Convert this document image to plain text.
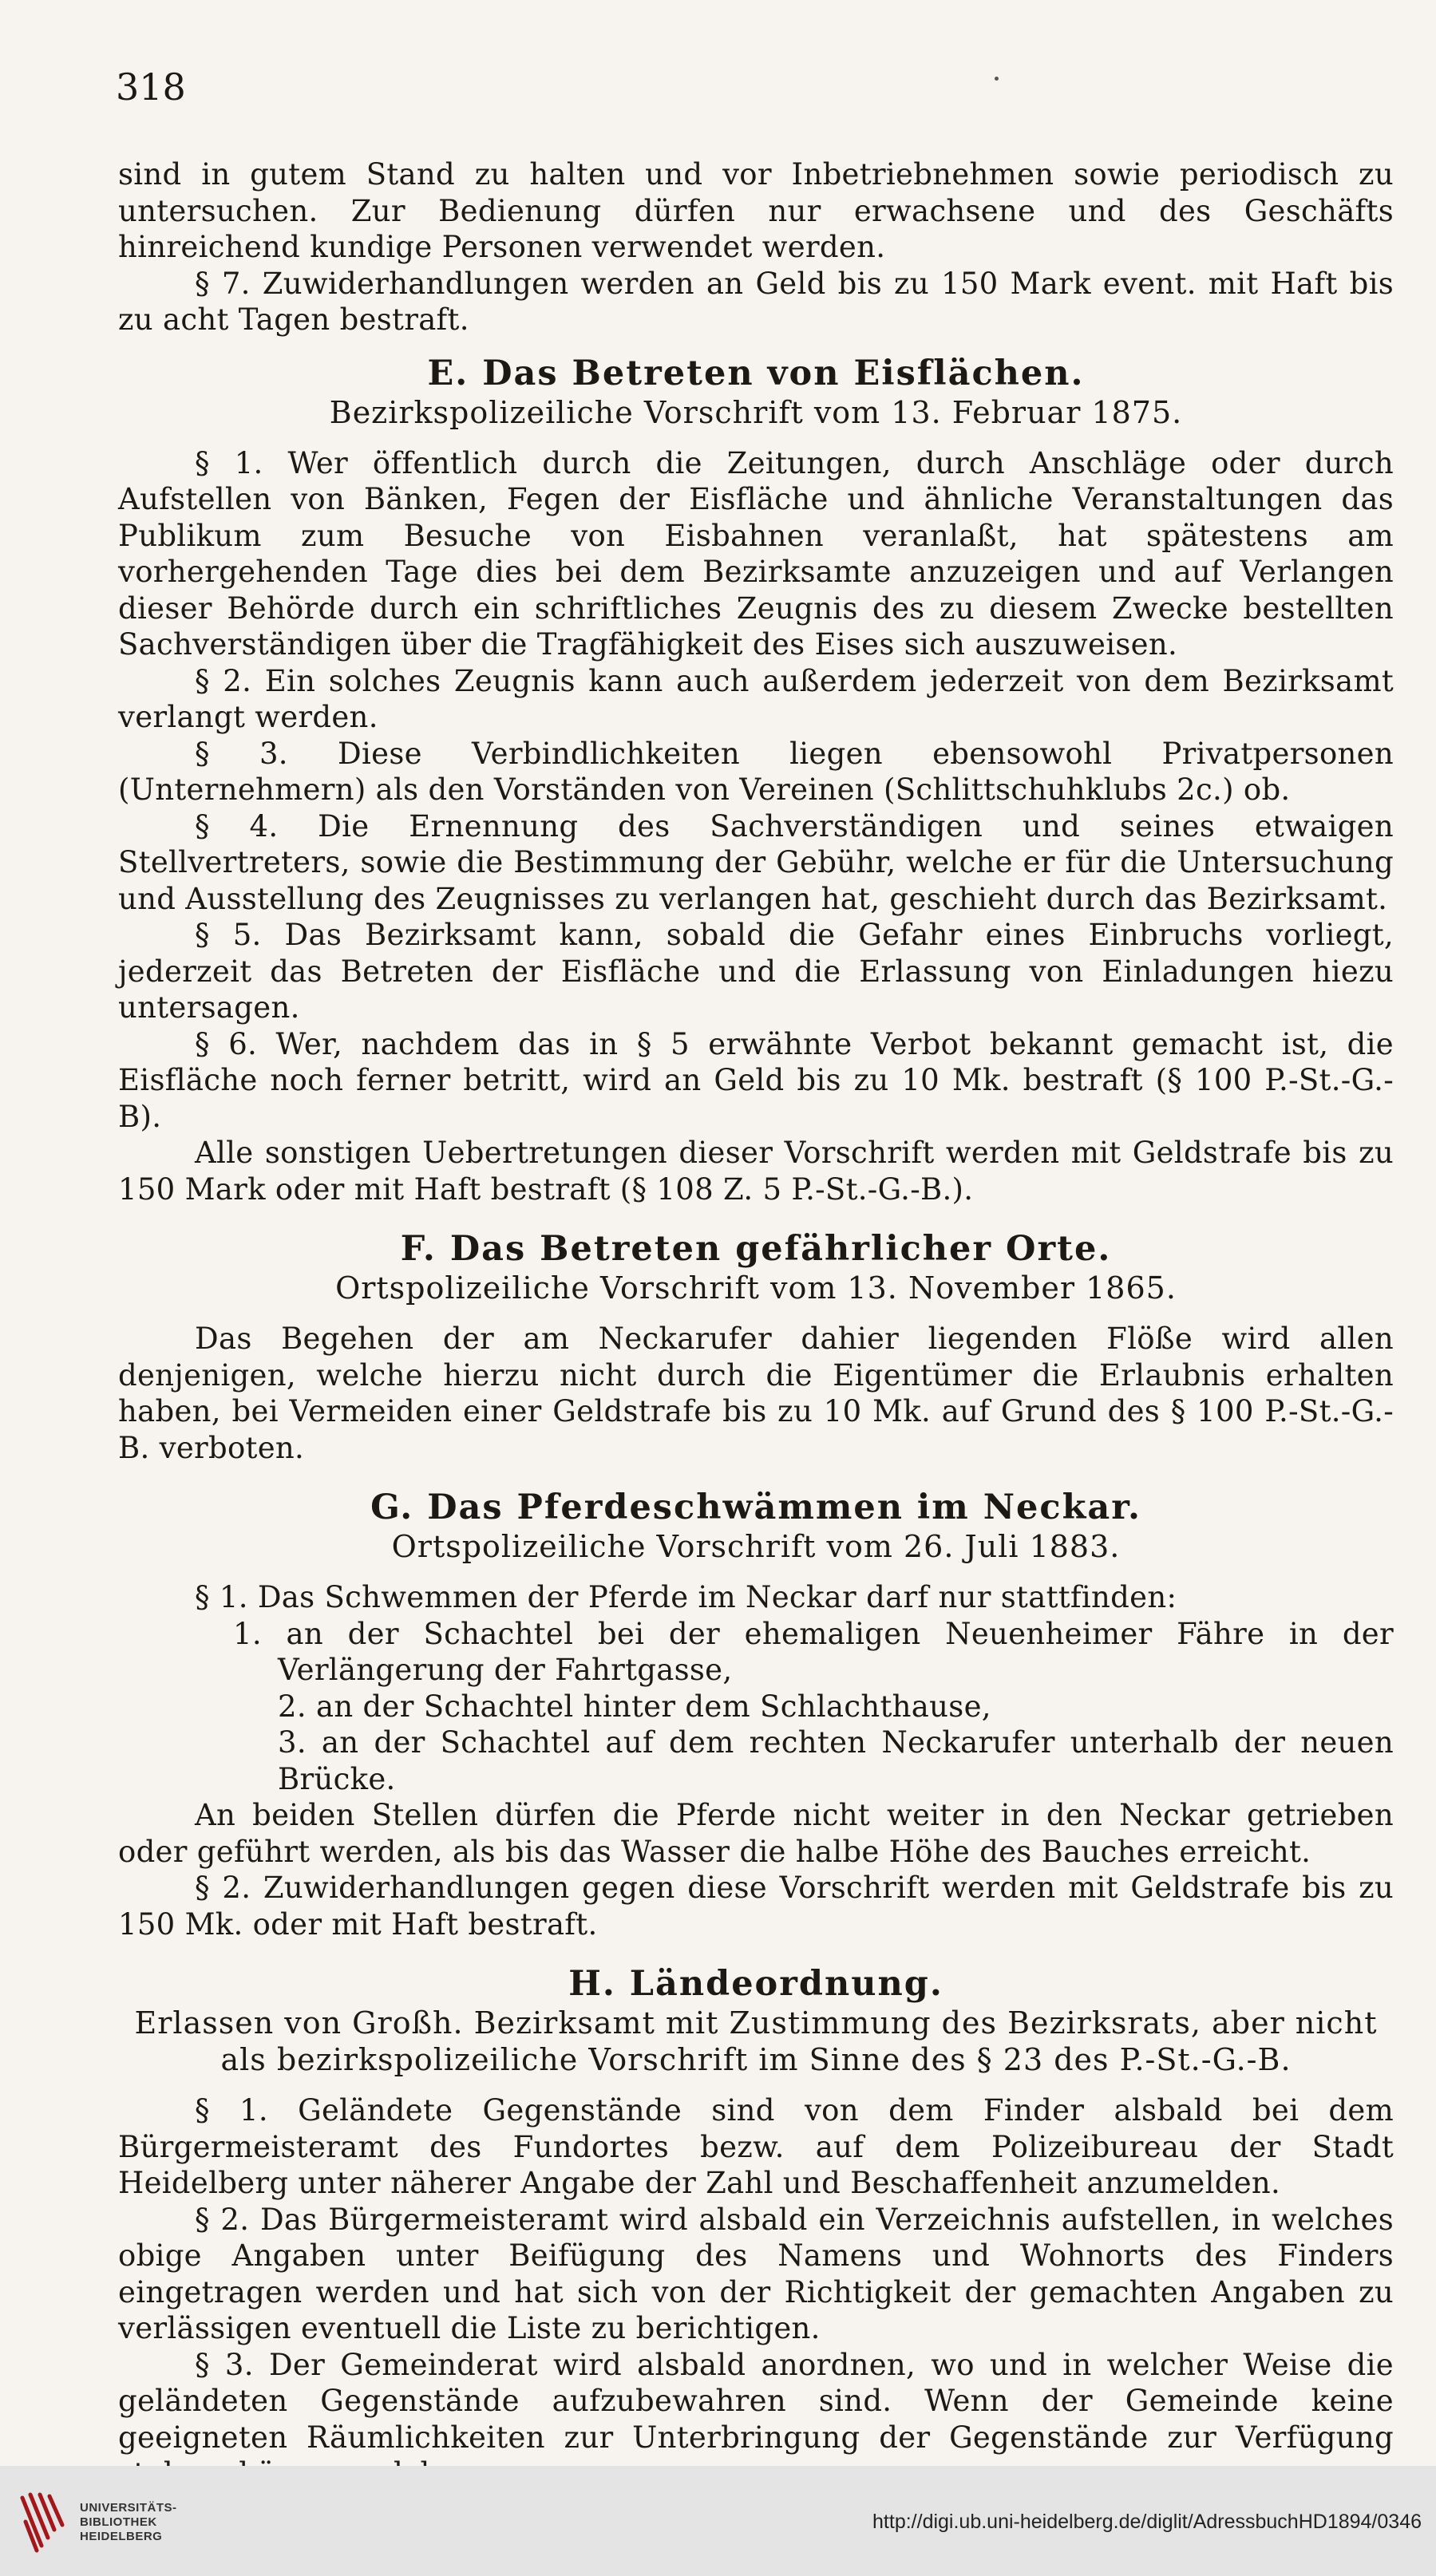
318

sind in gutem Stand zu halten und vor Inbetriebnehmen sowie periodisch zu untersuchen. Zur Bedienung dürfen nur erwachsene und des Geschäfts hinreichend kundige Personen verwendet werden.

§ 7. Zuwiderhandlungen werden an Geld bis zu 150 Mark event. mit Haft bis zu acht Tagen bestraft.

E. Das Betreten von Eisflächen.
Bezirkspolizeiliche Vorschrift vom 13. Februar 1875.

§ 1. Wer öffentlich durch die Zeitungen, durch Anschläge oder durch Aufstellen von Bänken, Fegen der Eisfläche und ähnliche Veranstaltungen das Publikum zum Besuche von Eisbahnen veranlaßt, hat spätestens am vorhergehenden Tage dies bei dem Bezirksamte anzuzeigen und auf Verlangen dieser Behörde durch ein schriftliches Zeugnis des zu diesem Zwecke bestellten Sachverständigen über die Tragfähigkeit des Eises sich auszuweisen.

§ 2. Ein solches Zeugnis kann auch außerdem jederzeit von dem Bezirksamt verlangt werden.

§ 3. Diese Verbindlichkeiten liegen ebensowohl Privatpersonen (Unternehmern) als den Vorständen von Vereinen (Schlittschuhklubs 2c.) ob.

§ 4. Die Ernennung des Sachverständigen und seines etwaigen Stellvertreters, sowie die Bestimmung der Gebühr, welche er für die Untersuchung und Ausstellung des Zeugnisses zu verlangen hat, geschieht durch das Bezirksamt.

§ 5. Das Bezirksamt kann, sobald die Gefahr eines Einbruchs vorliegt, jederzeit das Betreten der Eisfläche und die Erlassung von Einladungen hiezu untersagen.

§ 6. Wer, nachdem das in § 5 erwähnte Verbot bekannt gemacht ist, die Eisfläche noch ferner betritt, wird an Geld bis zu 10 Mk. bestraft (§ 100 P.-St.-G.-B).

Alle sonstigen Uebertretungen dieser Vorschrift werden mit Geldstrafe bis zu 150 Mark oder mit Haft bestraft (§ 108 Z. 5 P.-St.-G.-B.).

F. Das Betreten gefährlicher Orte.
Ortspolizeiliche Vorschrift vom 13. November 1865.

Das Begehen der am Neckarufer dahier liegenden Flöße wird allen denjenigen, welche hierzu nicht durch die Eigentümer die Erlaubnis erhalten haben, bei Vermeiden einer Geldstrafe bis zu 10 Mk. auf Grund des § 100 P.-St.-G.-B. verboten.

G. Das Pferdeschwämmen im Neckar.
Ortspolizeiliche Vorschrift vom 26. Juli 1883.

§ 1. Das Schwemmen der Pferde im Neckar darf nur stattfinden:

1. an der Schachtel bei der ehemaligen Neuenheimer Fähre in der Verlängerung der Fahrtgasse,

2. an der Schachtel hinter dem Schlachthause,

3. an der Schachtel auf dem rechten Neckarufer unterhalb der neuen Brücke.

An beiden Stellen dürfen die Pferde nicht weiter in den Neckar getrieben oder geführt werden, als bis das Wasser die halbe Höhe des Bauches erreicht.

§ 2. Zuwiderhandlungen gegen diese Vorschrift werden mit Geldstrafe bis zu 150 Mk. oder mit Haft bestraft.

H. Ländeordnung.
Erlassen von Großh. Bezirksamt mit Zustimmung des Bezirksrats, aber nicht als bezirkspolizeiliche Vorschrift im Sinne des § 23 des P.-St.-G.-B.

§ 1. Geländete Gegenstände sind von dem Finder alsbald bei dem Bürgermeisteramt des Fundortes bezw. auf dem Polizeibureau der Stadt Heidelberg unter näherer Angabe der Zahl und Beschaffenheit anzumelden.

§ 2. Das Bürgermeisteramt wird alsbald ein Verzeichnis aufstellen, in welches obige Angaben unter Beifügung des Namens und Wohnorts des Finders eingetragen werden und hat sich von der Richtigkeit der gemachten Angaben zu verlässigen eventuell die Liste zu berichtigen.

§ 3. Der Gemeinderat wird alsbald anordnen, wo und in welcher Weise die geländeten Gegenstände aufzubewahren sind. Wenn der Gemeinde keine geeigneten Räumlichkeiten zur Unterbringung der Gegenstände zur Verfügung

UNIVERSITÄTS-
BIBLIOTHEK
HEIDELBERG
http://digi.ub.uni-heidelberg.de/diglit/AdressbuchHD1894/0346
